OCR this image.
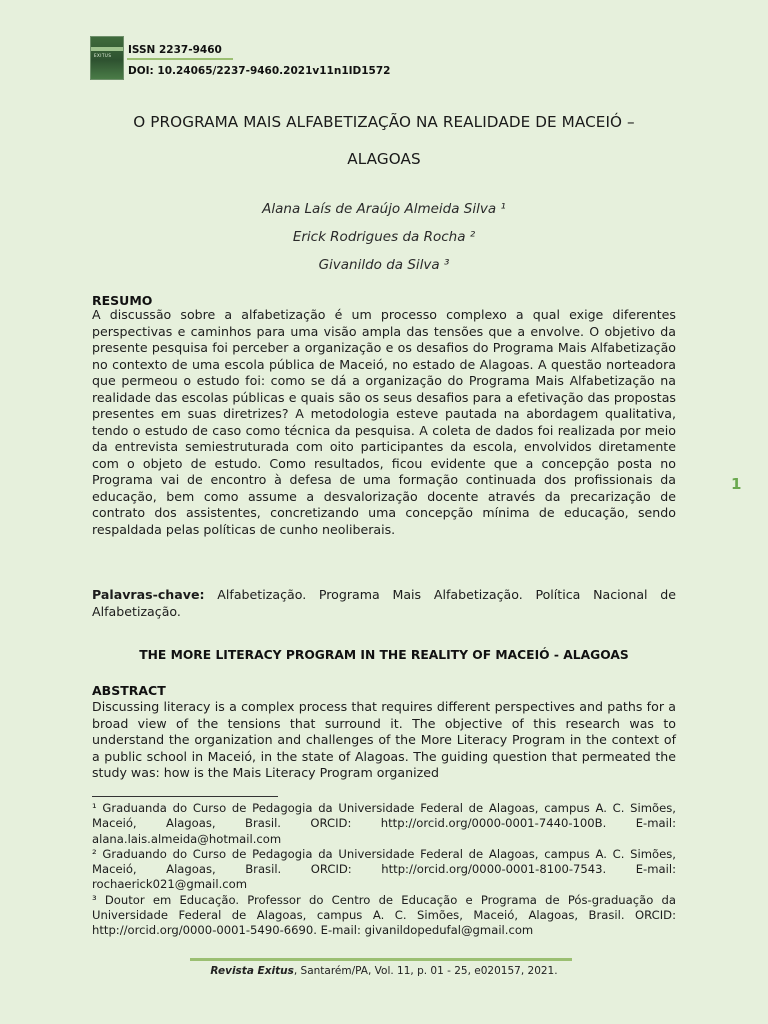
EXITUS ISSN 2237-9460
DOI: 10.24065/2237-9460.2021v11n1ID1572
O PROGRAMA MAIS ALFABETIZAÇÃO NA REALIDADE DE MACEIÓ –
ALAGOAS
Alana Laís de Araújo Almeida Silva ¹
Erick Rodrigues da Rocha ²
Givanildo da Silva ³
RESUMO
A discussão sobre a alfabetização é um processo complexo a qual exige diferentes perspectivas e caminhos para uma visão ampla das tensões que a envolve. O objetivo da presente pesquisa foi perceber a organização e os desafios do Programa Mais Alfabetização no contexto de uma escola pública de Maceió, no estado de Alagoas. A questão norteadora que permeou o estudo foi: como se dá a organização do Programa Mais Alfabetização na realidade das escolas públicas e quais são os seus desafios para a efetivação das propostas presentes em suas diretrizes? A metodologia esteve pautada na abordagem qualitativa, tendo o estudo de caso como técnica da pesquisa. A coleta de dados foi realizada por meio da entrevista semiestruturada com oito participantes da escola, envolvidos diretamente com o objeto de estudo. Como resultados, ficou evidente que a concepção posta no Programa vai de encontro à defesa de uma formação continuada dos profissionais da educação, bem como assume a desvalorização docente através da precarização de contrato dos assistentes, concretizando uma concepção mínima de educação, sendo respaldada pelas políticas de cunho neoliberais.
Palavras-chave: Alfabetização. Programa Mais Alfabetização. Política Nacional de Alfabetização.
THE MORE LITERACY PROGRAM IN THE REALITY OF MACEIÓ - ALAGOAS
ABSTRACT
Discussing literacy is a complex process that requires different perspectives and paths for a broad view of the tensions that surround it. The objective of this research was to understand the organization and challenges of the More Literacy Program in the context of a public school in Maceió, in the state of Alagoas. The guiding question that permeated the study was: how is the Mais Literacy Program organized
1

¹ Graduanda do Curso de Pedagogia da Universidade Federal de Alagoas, campus A. C. Simões, Maceió, Alagoas, Brasil. ORCID: http://orcid.org/0000-0001-7440-100B. E-mail: alana.lais.almeida@hotmail.com

² Graduando do Curso de Pedagogia da Universidade Federal de Alagoas, campus A. C. Simões, Maceió, Alagoas, Brasil. ORCID: http://orcid.org/0000-0001-8100-7543. E-mail: rochaerick021@gmail.com

³ Doutor em Educação. Professor do Centro de Educação e Programa de Pós-graduação da Universidade Federal de Alagoas, campus A. C. Simões, Maceió, Alagoas, Brasil. ORCID: http://orcid.org/0000-0001-5490-6690. E-mail: givanildopedufal@gmail.com

Revista Exitus, Santarém/PA, Vol. 11, p. 01 - 25, e020157, 2021.
